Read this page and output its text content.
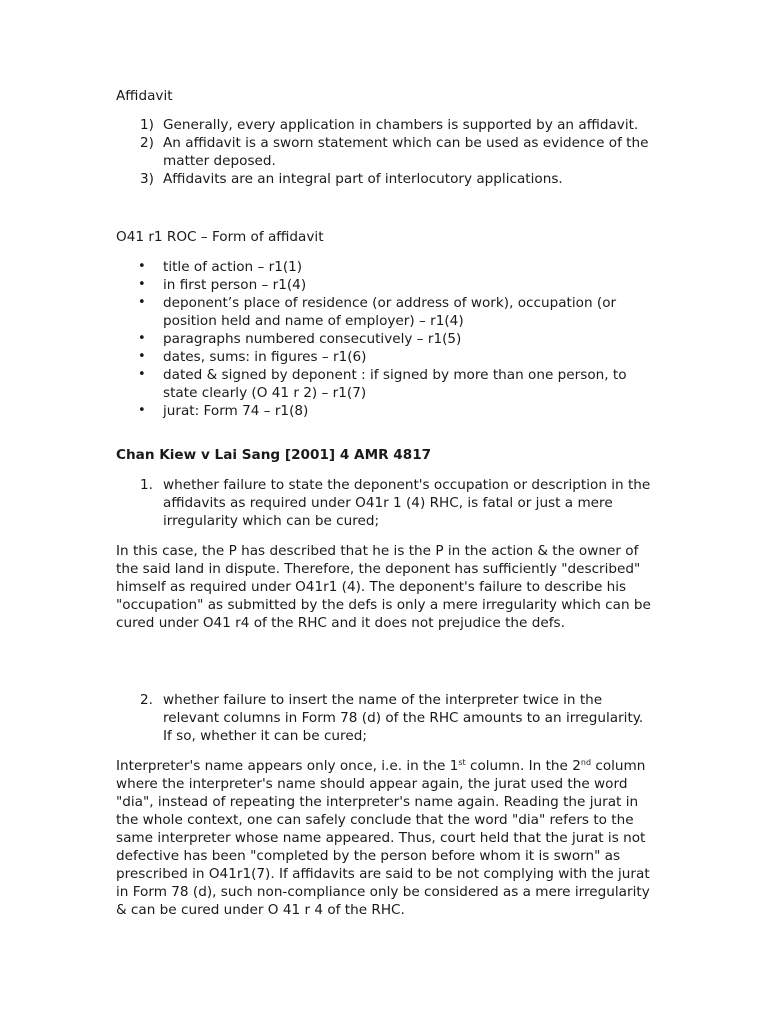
Affidavit
1) Generally, every application in chambers is supported by an affidavit.
2) An affidavit is a sworn statement which can be used as evidence of the matter deposed.
3) Affidavits are an integral part of interlocutory applications.
O41 r1 ROC – Form of affidavit
• title of action – r1(1)
• in first person – r1(4)
• deponent’s place of residence (or address of work), occupation (or position held and name of employer) – r1(4)
• paragraphs numbered consecutively – r1(5)
• dates, sums: in figures – r1(6)
• dated & signed by deponent : if signed by more than one person, to state clearly (O 41 r 2) – r1(7)
• jurat: Form 74 – r1(8)
Chan Kiew v Lai Sang [2001] 4 AMR 4817
1. whether failure to state the deponent's occupation or description in the affidavits as required under O41r 1 (4) RHC, is fatal or just a mere irregularity which can be cured;

In this case, the P has described that he is the P in the action & the owner of the said land in dispute. Therefore, the deponent has sufficiently "described" himself as required under O41r1 (4). The deponent's failure to describe his "occupation" as submitted by the defs is only a mere irregularity which can be cured under O41 r4 of the RHC and it does not prejudice the defs.

2. whether failure to insert the name of the interpreter twice in the relevant columns in Form 78 (d) of the RHC amounts to an irregularity. If so, whether it can be cured;

Interpreter's name appears only once, i.e. in the 1st column. In the 2nd column where the interpreter's name should appear again, the jurat used the word "dia", instead of repeating the interpreter's name again. Reading the jurat in the whole context, one can safely conclude that the word "dia" refers to the same interpreter whose name appeared. Thus, court held that the jurat is not defective has been "completed by the person before whom it is sworn" as prescribed in O41r1(7). If affidavits are said to be not complying with the jurat in Form 78 (d), such non-compliance only be considered as a mere irregularity & can be cured under O 41 r 4 of the RHC.
